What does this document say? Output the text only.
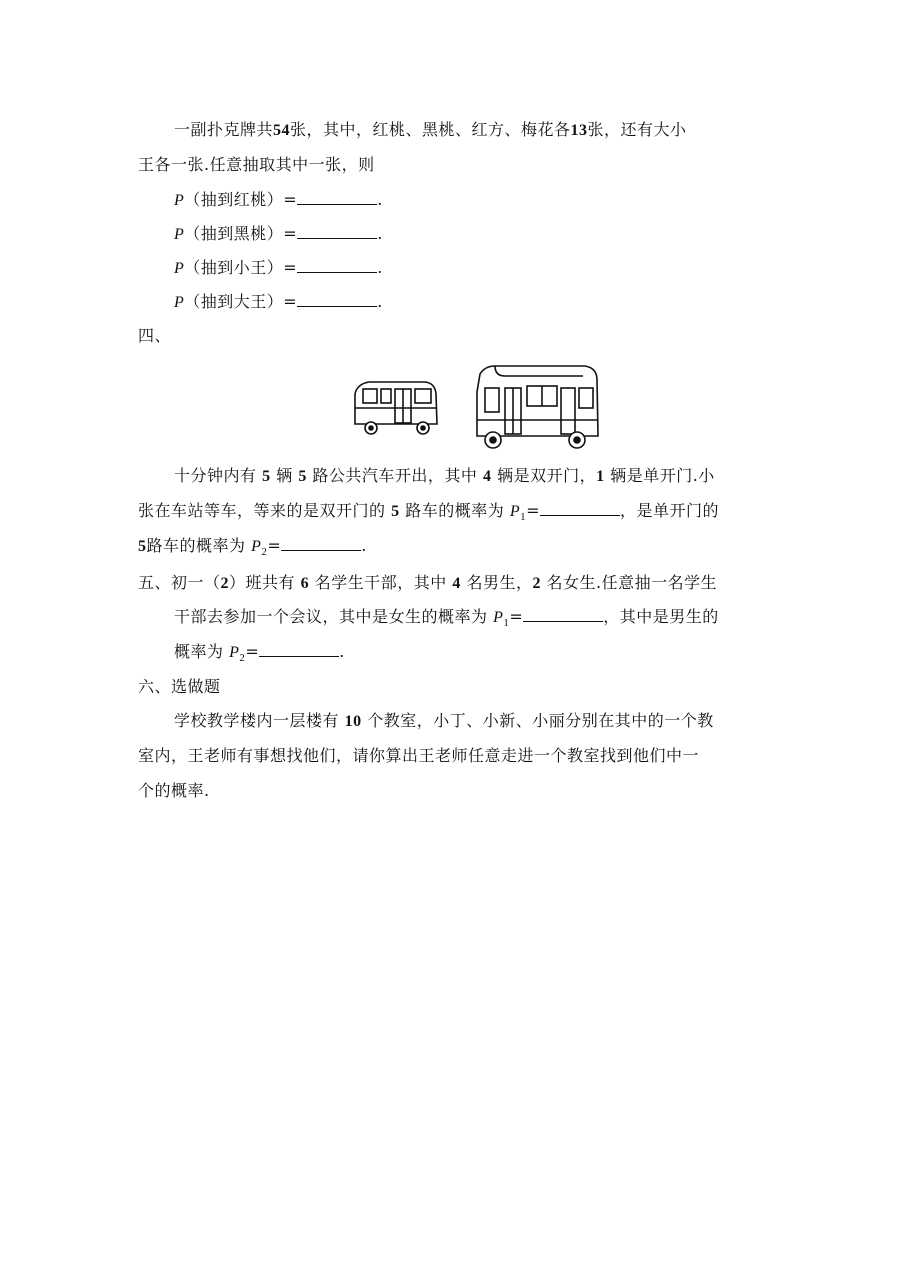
一副扑克牌共54张，其中，红桃、黑桃、红方、梅花各13张，还有大小
王各一张.任意抽取其中一张，则
P（抽到红桃）=	.
P（抽到黑桃）=	.
P（抽到小王）=	.
P（抽到大王）=	.
四、
十分钟内有 5 辆 5 路公共汽车开出，其中 4 辆是双开门，1 辆是单开门.小
张在车站等车，等来的是双开门的 5 路车的概率为 $P_1=$	，是单开门的
5路车的概率为 $P_2=$	.
五、初一（2）班共有 6 名学生干部，其中 4 名男生，2 名女生.任意抽一名学生
干部去参加一个会议，其中是女生的概率为 $P_1=$	，其中是男生的
概率为 $P_2=$	.
六、选做题
学校教学楼内一层楼有 10 个教室，小丁、小新、小丽分别在其中的一个教
室内，王老师有事想找他们，请你算出王老师任意走进一个教室找到他们中一
个的概率.
